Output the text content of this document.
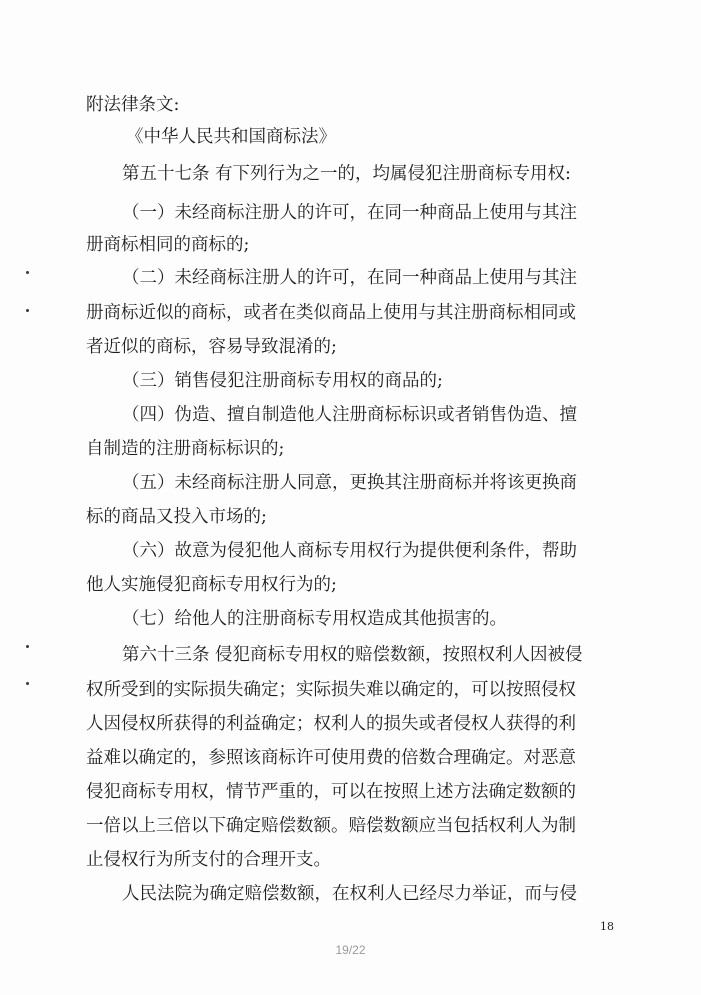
附法律条文:
《中华人民共和国商标法》
第五十七条 有下列行为之一的，均属侵犯注册商标专用权:
（一）未经商标注册人的许可，在同一种商品上使用与其注
册商标相同的商标的;
（二）未经商标注册人的许可，在同一种商品上使用与其注
册商标近似的商标，或者在类似商品上使用与其注册商标相同或
者近似的商标，容易导致混淆的;
（三）销售侵犯注册商标专用权的商品的;
（四）伪造、擅自制造他人注册商标标识或者销售伪造、擅
自制造的注册商标标识的;
（五）未经商标注册人同意，更换其注册商标并将该更换商
标的商品又投入市场的;
（六）故意为侵犯他人商标专用权行为提供便利条件，帮助
他人实施侵犯商标专用权行为的;
（七）给他人的注册商标专用权造成其他损害的。
第六十三条 侵犯商标专用权的赔偿数额，按照权利人因被侵
权所受到的实际损失确定；实际损失难以确定的，可以按照侵权
人因侵权所获得的利益确定；权利人的损失或者侵权人获得的利
益难以确定的，参照该商标许可使用费的倍数合理确定。对恶意
侵犯商标专用权，情节严重的，可以在按照上述方法确定数额的
一倍以上三倍以下确定赔偿数额。赔偿数额应当包括权利人为制
止侵权行为所支付的合理开支。
人民法院为确定赔偿数额，在权利人已经尽力举证，而与侵
18
19/22
